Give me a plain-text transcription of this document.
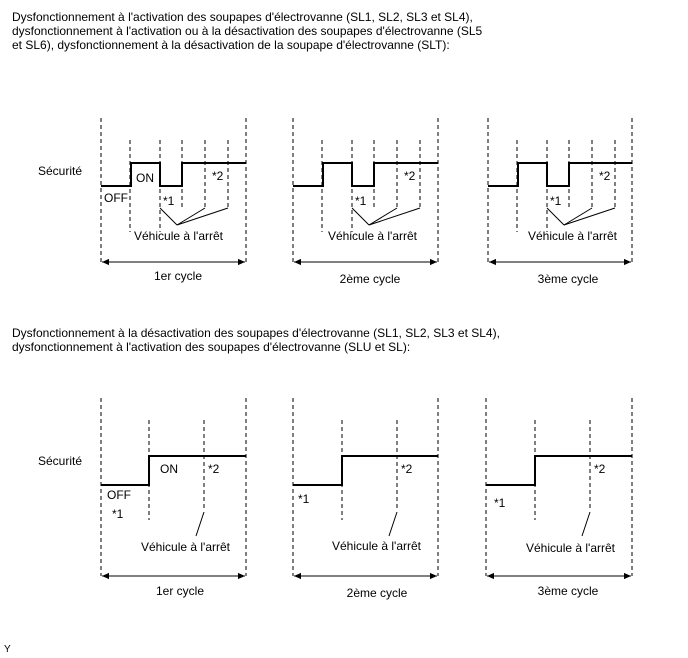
Dysfonctionnement à l'activation des soupapes d'électrovanne (SL1, SL2, SL3 et SL4),
dysfonctionnement à l'activation ou à la désactivation des soupapes d'électrovanne (SL5
et SL6), dysfonctionnement à la désactivation de la soupape d'électrovanne (SLT):
Dysfonctionnement à la désactivation des soupapes d'électrovanne (SL1, SL2, SL3 et SL4),
dysfonctionnement à l'activation des soupapes d'électrovanne (SLU et SL):
Sécurité
OFF
ON
*1
*2
*1
*2
*1
*2
Véhicule à l'arrêt	Véhicule à l'arrêt	Véhicule à l'arrêt
1er cycle	2ème cycle	3ème cycle
Sécurité
OFF
ON
*1
*2
*1
*2
*1
*2
Véhicule à l'arrêt	Véhicule à l'arrêt	Véhicule à l'arrêt
1er cycle	2ème cycle	3ème cycle
Y
